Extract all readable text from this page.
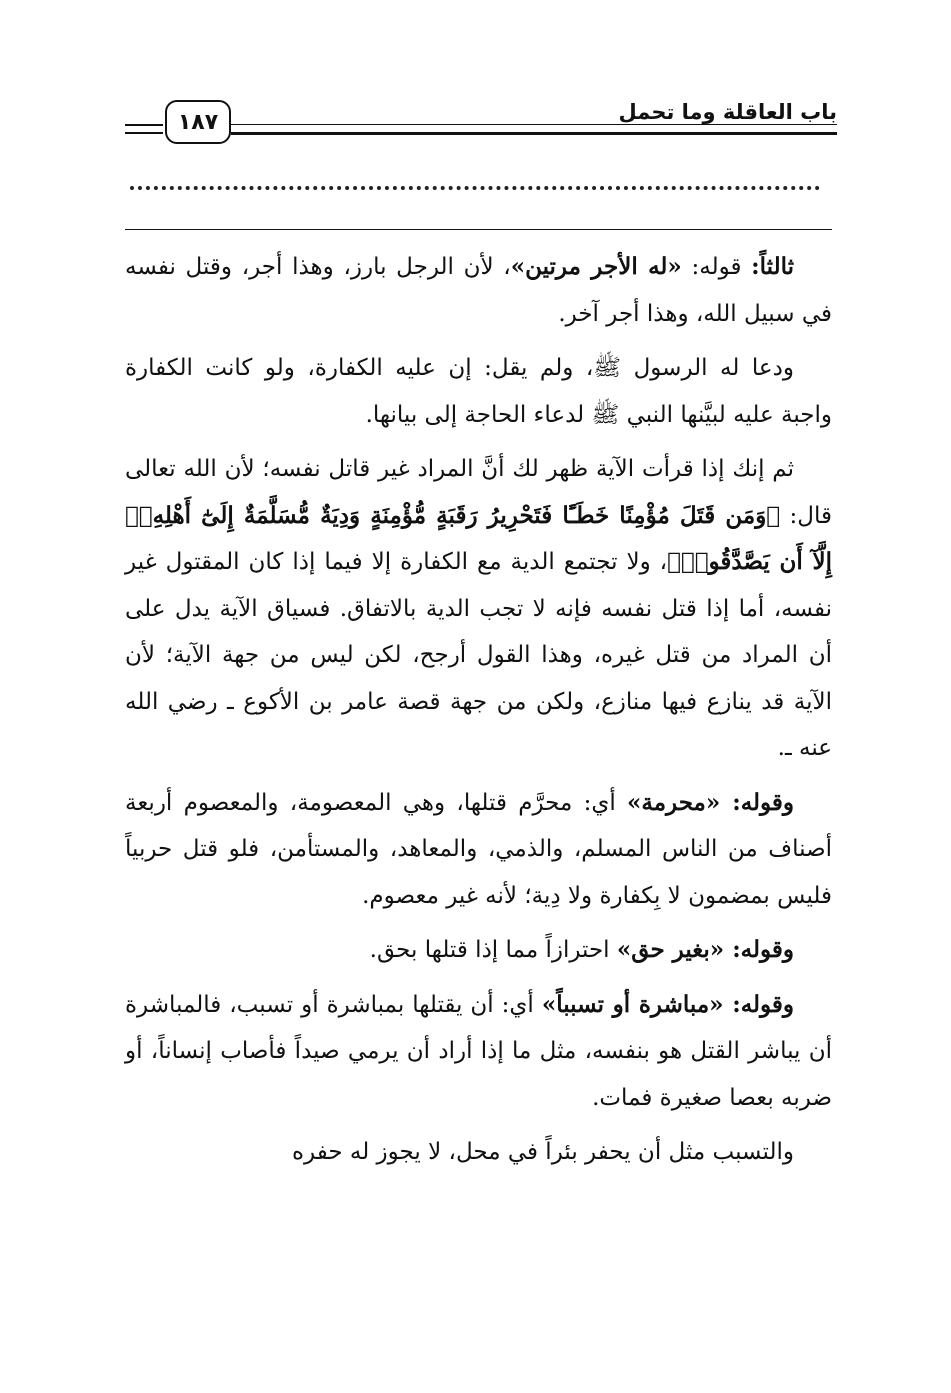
باب العاقلة وما تحمل
١٨٧

ثالثاً: قوله: «له الأجر مرتين»، لأن الرجل بارز، وهذا أجر، وقتل نفسه في سبيل الله، وهذا أجر آخر.

ودعا له الرسول ﷺ، ولم يقل: إن عليه الكفارة، ولو كانت الكفارة واجبة عليه لبيَّنها النبي ﷺ لدعاء الحاجة إلى بيانها.

ثم إنك إذا قرأت الآية ظهر لك أنَّ المراد غير قاتل نفسه؛ لأن الله تعالى قال: ﴿وَمَن قَتَلَ مُؤْمِنًا خَطَـًٔا فَتَحْرِيرُ رَقَبَةٍ مُّؤْمِنَةٍ وَدِيَةٌ مُّسَلَّمَةٌ إِلَىٰٓ أَهْلِهِۦٓ إِلَّآ أَن يَصَّدَّقُوا۟﴾، ولا تجتمع الدية مع الكفارة إلا فيما إذا كان المقتول غير نفسه، أما إذا قتل نفسه فإنه لا تجب الدية بالاتفاق. فسياق الآية يدل على أن المراد من قتل غيره، وهذا القول أرجح، لكن ليس من جهة الآية؛ لأن الآية قد ينازع فيها منازع، ولكن من جهة قصة عامر بن الأكوع ـ رضي الله عنه ـ.

وقوله: «محرمة» أي: محرَّم قتلها، وهي المعصومة، والمعصوم أربعة أصناف من الناس المسلم، والذمي، والمعاهد، والمستأمن، فلو قتل حربياً فليس بمضمون لا بِكفارة ولا دِية؛ لأنه غير معصوم.

وقوله: «بغير حق» احترازاً مما إذا قتلها بحق.

وقوله: «مباشرة أو تسبباً» أي: أن يقتلها بمباشرة أو تسبب، فالمباشرة أن يباشر القتل هو بنفسه، مثل ما إذا أراد أن يرمي صيداً فأصاب إنساناً، أو ضربه بعصا صغيرة فمات.

والتسبب مثل أن يحفر بئراً في محل، لا يجوز له حفره
